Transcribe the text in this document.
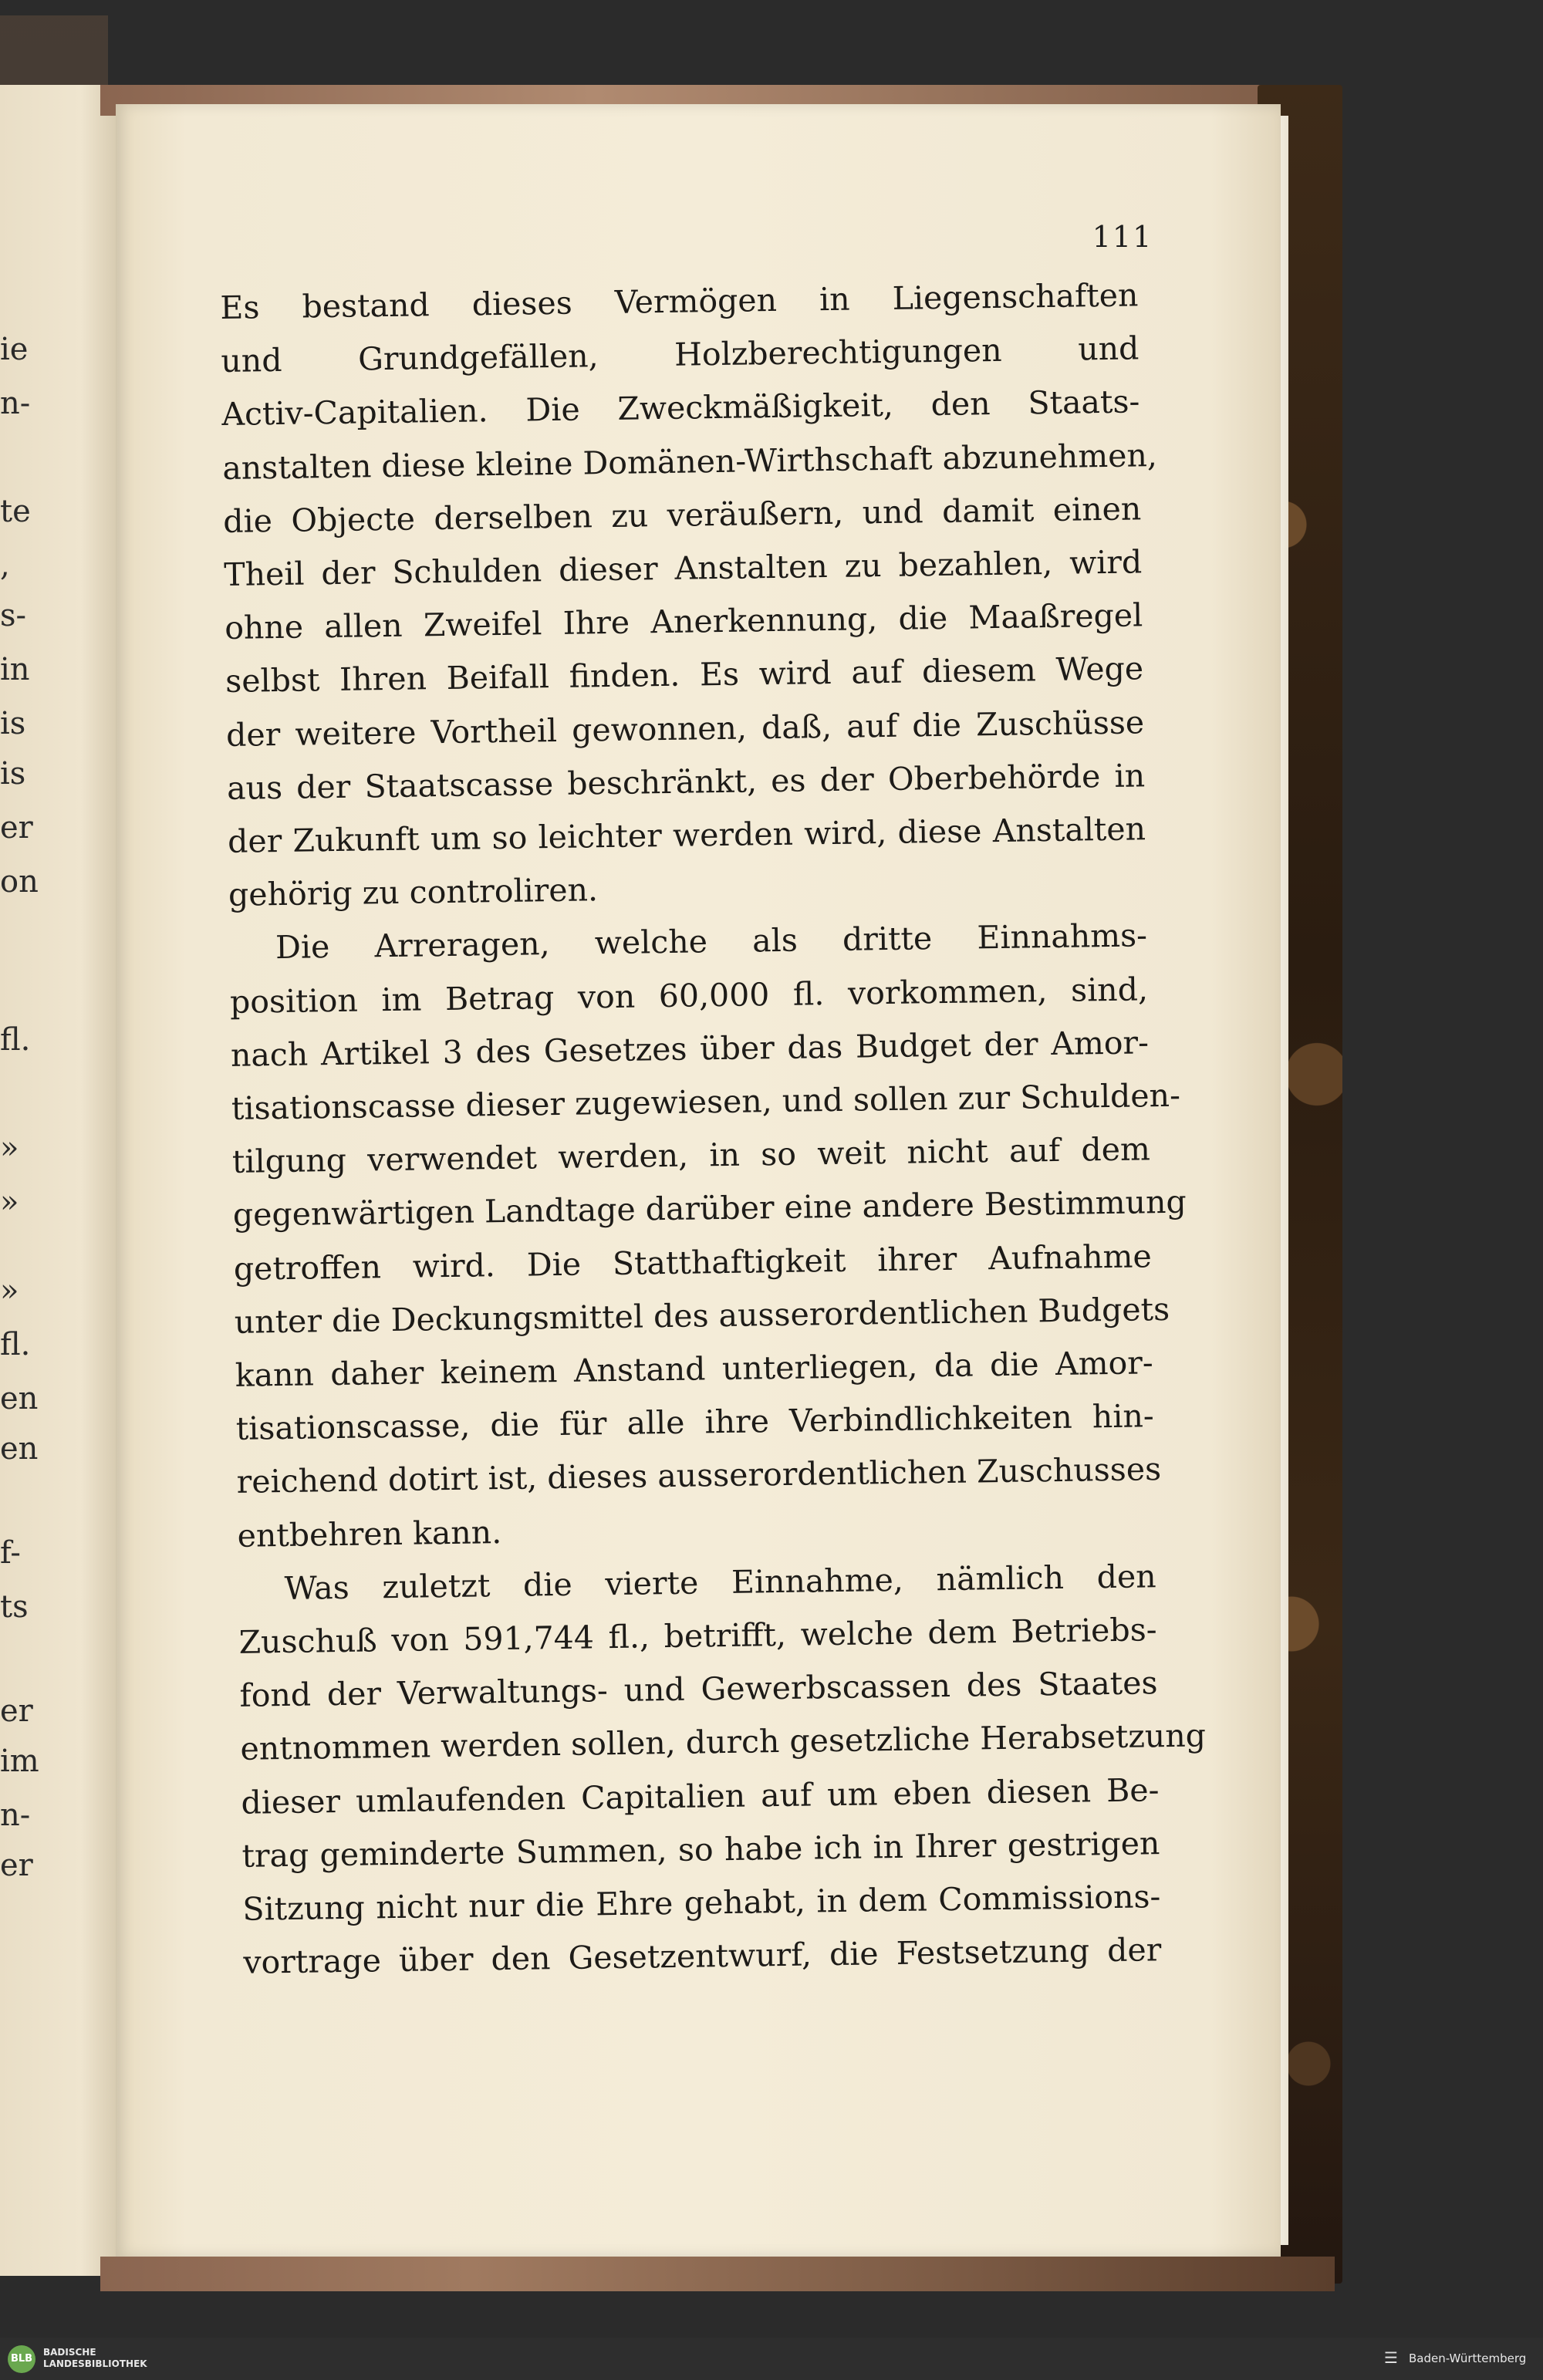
ie
n-
te
,
s-
in
is
is
er
on
fl.
»
»
»
fl.
en
en
f-
ts
er
im
n-
er
111
Es bestand dieses Vermögen in Liegenschaften
und Grundgefällen, Holzberechtigungen und
Activ-Capitalien. Die Zweckmäßigkeit, den Staats-
anstalten diese kleine Domänen-Wirthschaft abzunehmen,
die Objecte derselben zu veräußern, und damit einen
Theil der Schulden dieser Anstalten zu bezahlen, wird
ohne allen Zweifel Ihre Anerkennung, die Maaßregel
selbst Ihren Beifall finden. Es wird auf diesem Wege
der weitere Vortheil gewonnen, daß, auf die Zuschüsse
aus der Staatscasse beschränkt, es der Oberbehörde in
der Zukunft um so leichter werden wird, diese Anstalten
gehörig zu controliren.
Die Arreragen, welche als dritte Einnahms-
position im Betrag von 60,000 fl. vorkommen, sind,
nach Artikel 3 des Gesetzes über das Budget der Amor-
tisationscasse dieser zugewiesen, und sollen zur Schulden-
tilgung verwendet werden, in so weit nicht auf dem
gegenwärtigen Landtage darüber eine andere Bestimmung
getroffen wird. Die Statthaftigkeit ihrer Aufnahme
unter die Deckungsmittel des ausserordentlichen Budgets
kann daher keinem Anstand unterliegen, da die Amor-
tisationscasse, die für alle ihre Verbindlichkeiten hin-
reichend dotirt ist, dieses ausserordentlichen Zuschusses
entbehren kann.
Was zuletzt die vierte Einnahme, nämlich den
Zuschuß von 591,744 fl., betrifft, welche dem Betriebs-
fond der Verwaltungs- und Gewerbscassen des Staates
entnommen werden sollen, durch gesetzliche Herabsetzung
dieser umlaufenden Capitalien auf um eben diesen Be-
trag geminderte Summen, so habe ich in Ihrer gestrigen
Sitzung nicht nur die Ehre gehabt, in dem Commissions-
vortrage über den Gesetzentwurf, die Festsetzung der
BLB
BADISCHE
LANDESBIBLIOTHEK	☰ Baden-Württemberg
